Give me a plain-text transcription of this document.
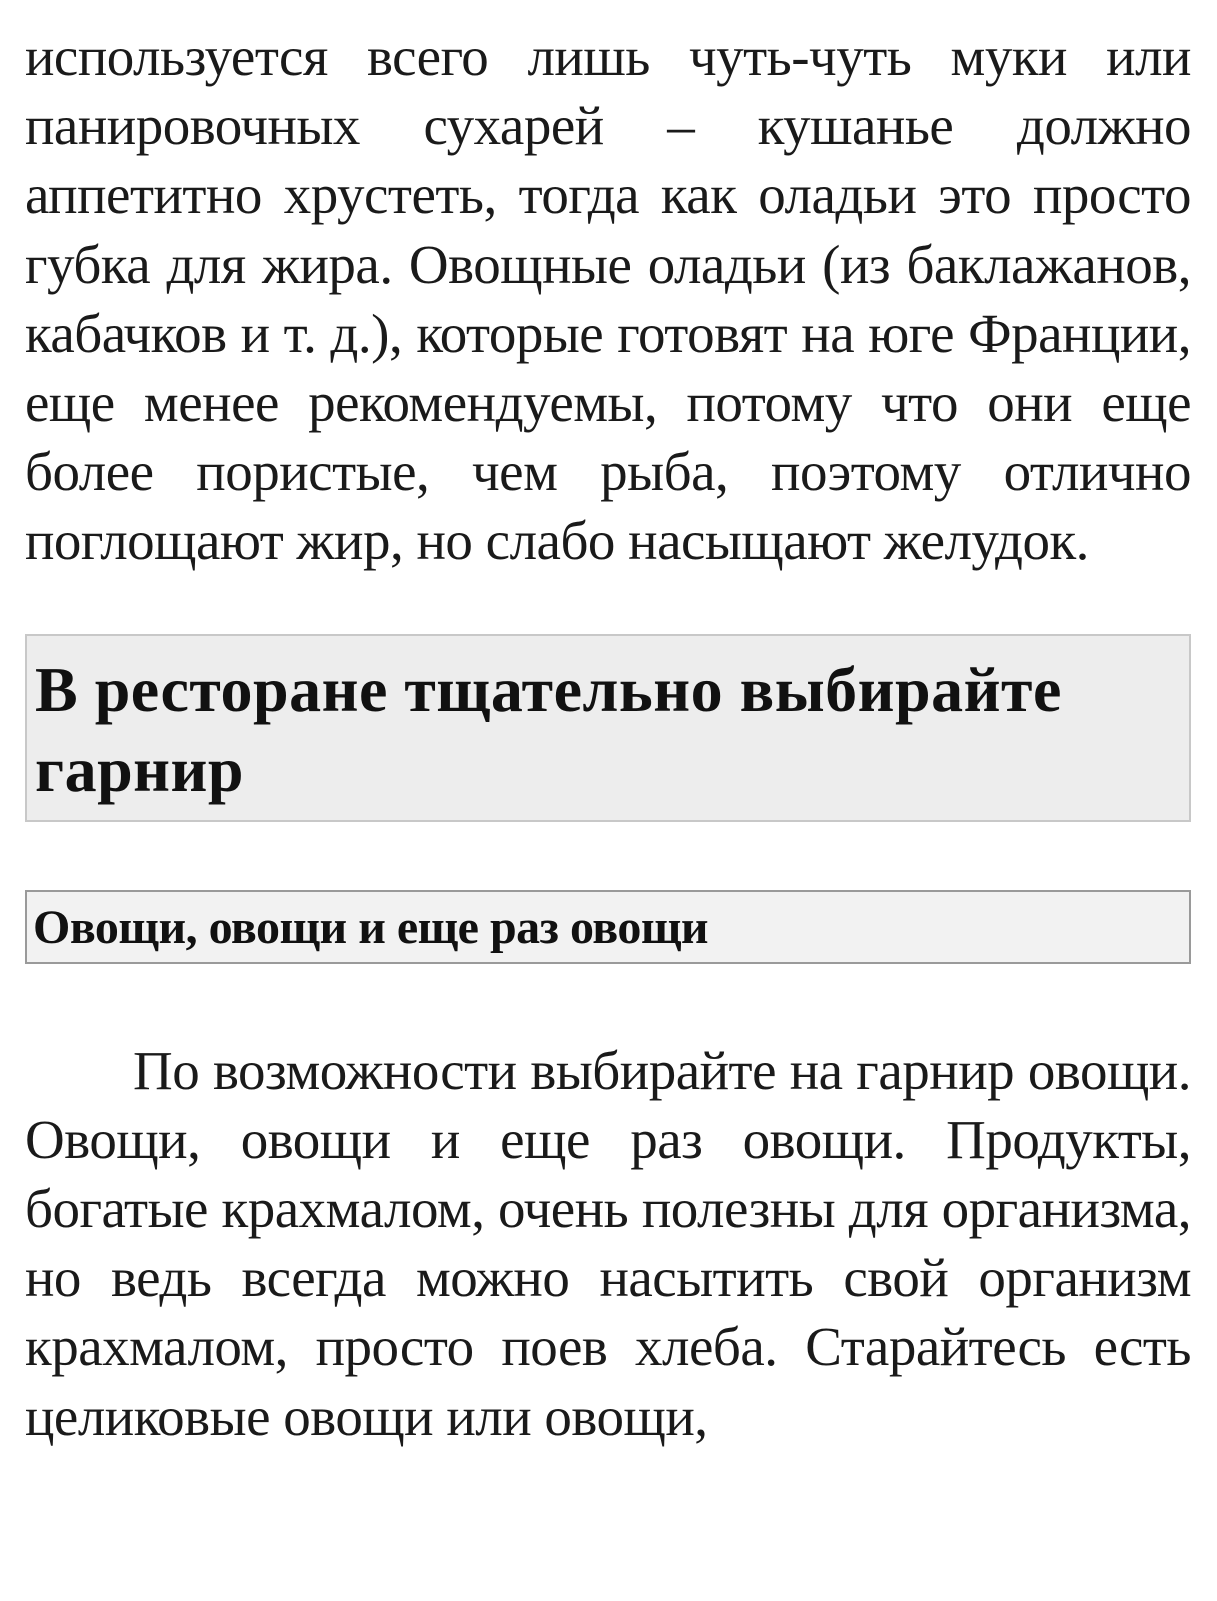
используется всего лишь чуть-чуть муки или панировочных сухарей – кушанье должно аппетитно хрустеть, тогда как оладьи это просто губка для жира. Овощные оладьи (из баклажанов, кабачков и т. д.), которые готовят на юге Франции, еще менее рекомендуемы, потому что они еще более пористые, чем рыба, поэтому отлично поглощают жир, но слабо насыщают желудок.

В ресторане тщательно выбирайте гарнир
Овощи, овощи и еще раз овощи

По возможности выбирайте на гарнир овощи. Овощи, овощи и еще раз овощи. Продукты, богатые крахмалом, очень полезны для организма, но ведь всегда можно насытить свой организм крахмалом, просто поев хлеба. Старайтесь есть целиковые овощи или овощи,
